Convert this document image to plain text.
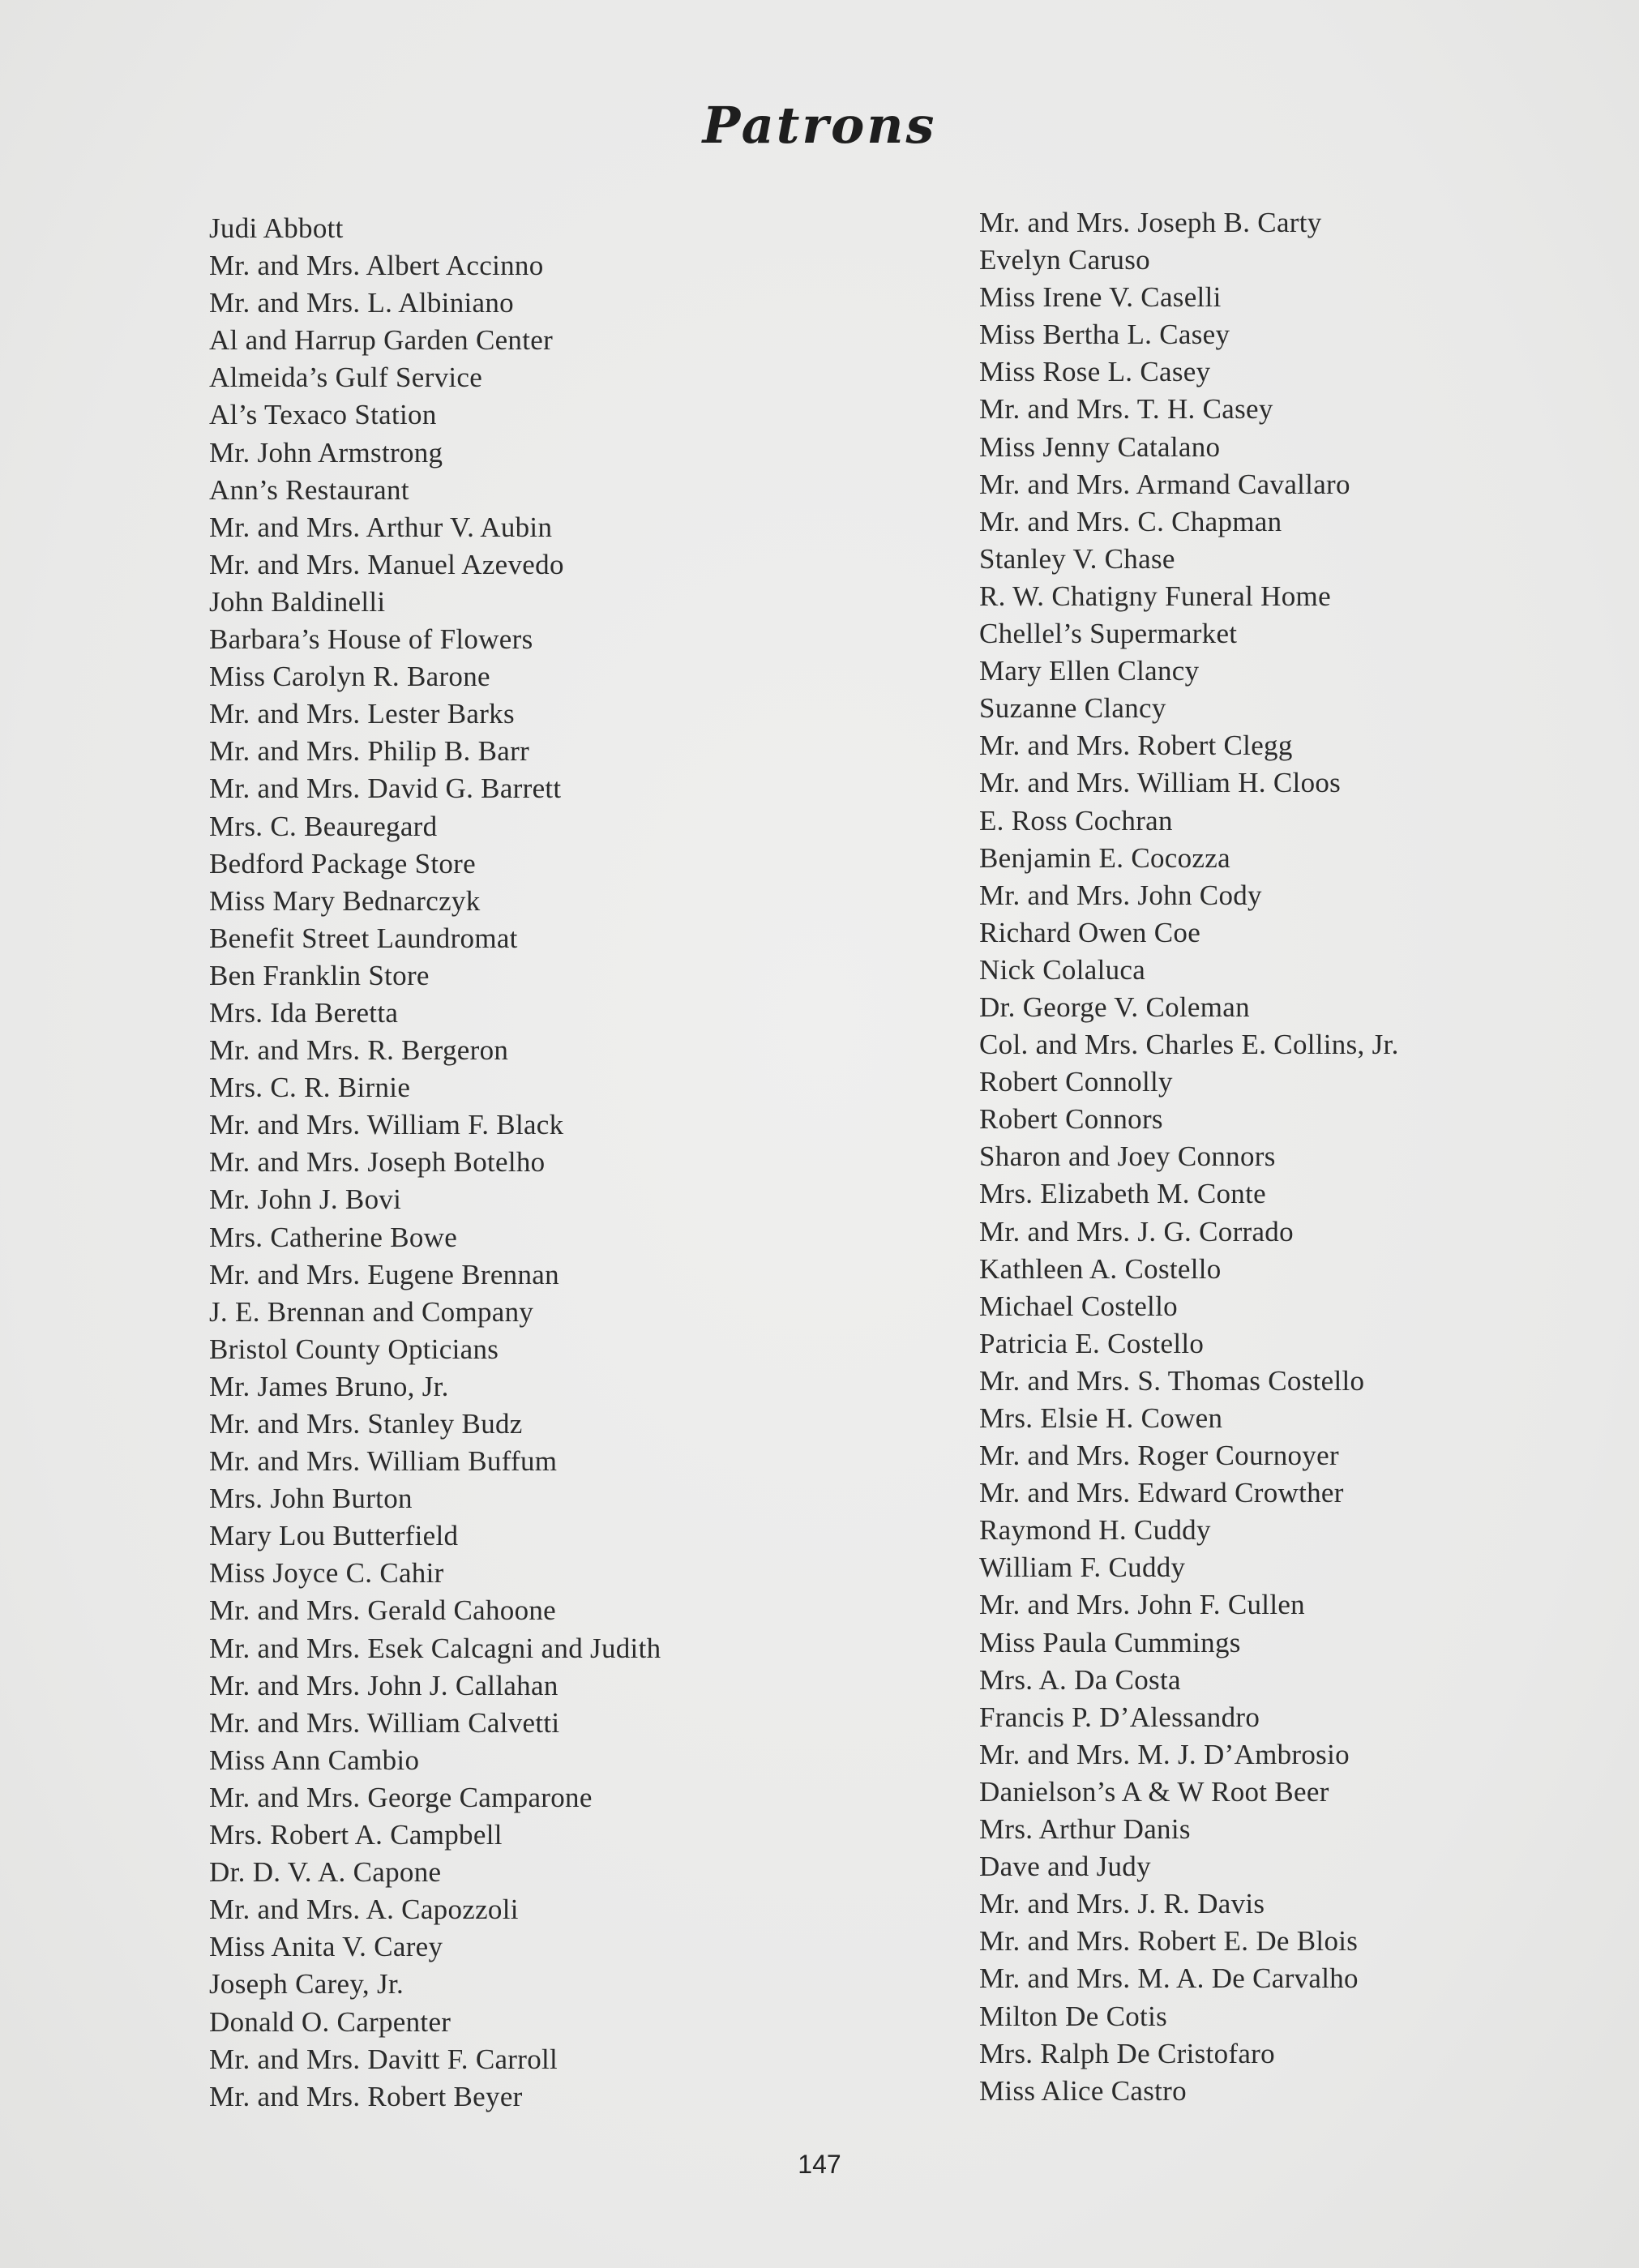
Patrons
Judi Abbott
Mr. and Mrs. Albert Accinno
Mr. and Mrs. L. Albiniano
Al and Harrup Garden Center
Almeida’s Gulf Service
Al’s Texaco Station
Mr. John Armstrong
Ann’s Restaurant
Mr. and Mrs. Arthur V. Aubin
Mr. and Mrs. Manuel Azevedo
John Baldinelli
Barbara’s House of Flowers
Miss Carolyn R. Barone
Mr. and Mrs. Lester Barks
Mr. and Mrs. Philip B. Barr
Mr. and Mrs. David G. Barrett
Mrs. C. Beauregard
Bedford Package Store
Miss Mary Bednarczyk
Benefit Street Laundromat
Ben Franklin Store
Mrs. Ida Beretta
Mr. and Mrs. R. Bergeron
Mrs. C. R. Birnie
Mr. and Mrs. William F. Black
Mr. and Mrs. Joseph Botelho
Mr. John J. Bovi
Mrs. Catherine Bowe
Mr. and Mrs. Eugene Brennan
J. E. Brennan and Company
Bristol County Opticians
Mr. James Bruno, Jr.
Mr. and Mrs. Stanley Budz
Mr. and Mrs. William Buffum
Mrs. John Burton
Mary Lou Butterfield
Miss Joyce C. Cahir
Mr. and Mrs. Gerald Cahoone
Mr. and Mrs. Esek Calcagni and Judith
Mr. and Mrs. John J. Callahan
Mr. and Mrs. William Calvetti
Miss Ann Cambio
Mr. and Mrs. George Camparone
Mrs. Robert A. Campbell
Dr. D. V. A. Capone
Mr. and Mrs. A. Capozzoli
Miss Anita V. Carey
Joseph Carey, Jr.
Donald O. Carpenter
Mr. and Mrs. Davitt F. Carroll
Mr. and Mrs. Robert Beyer
Mr. and Mrs. Joseph B. Carty
Evelyn Caruso
Miss Irene V. Caselli
Miss Bertha L. Casey
Miss Rose L. Casey
Mr. and Mrs. T. H. Casey
Miss Jenny Catalano
Mr. and Mrs. Armand Cavallaro
Mr. and Mrs. C. Chapman
Stanley V. Chase
R. W. Chatigny Funeral Home
Chellel’s Supermarket
Mary Ellen Clancy
Suzanne Clancy
Mr. and Mrs. Robert Clegg
Mr. and Mrs. William H. Cloos
E. Ross Cochran
Benjamin E. Cocozza
Mr. and Mrs. John Cody
Richard Owen Coe
Nick Colaluca
Dr. George V. Coleman
Col. and Mrs. Charles E. Collins, Jr.
Robert Connolly
Robert Connors
Sharon and Joey Connors
Mrs. Elizabeth M. Conte
Mr. and Mrs. J. G. Corrado
Kathleen A. Costello
Michael Costello
Patricia E. Costello
Mr. and Mrs. S. Thomas Costello
Mrs. Elsie H. Cowen
Mr. and Mrs. Roger Cournoyer
Mr. and Mrs. Edward Crowther
Raymond H. Cuddy
William F. Cuddy
Mr. and Mrs. John F. Cullen
Miss Paula Cummings
Mrs. A. Da Costa
Francis P. D’Alessandro
Mr. and Mrs. M. J. D’Ambrosio
Danielson’s A & W Root Beer
Mrs. Arthur Danis
Dave and Judy
Mr. and Mrs. J. R. Davis
Mr. and Mrs. Robert E. De Blois
Mr. and Mrs. M. A. De Carvalho
Milton De Cotis
Mrs. Ralph De Cristofaro
Miss Alice Castro
147
